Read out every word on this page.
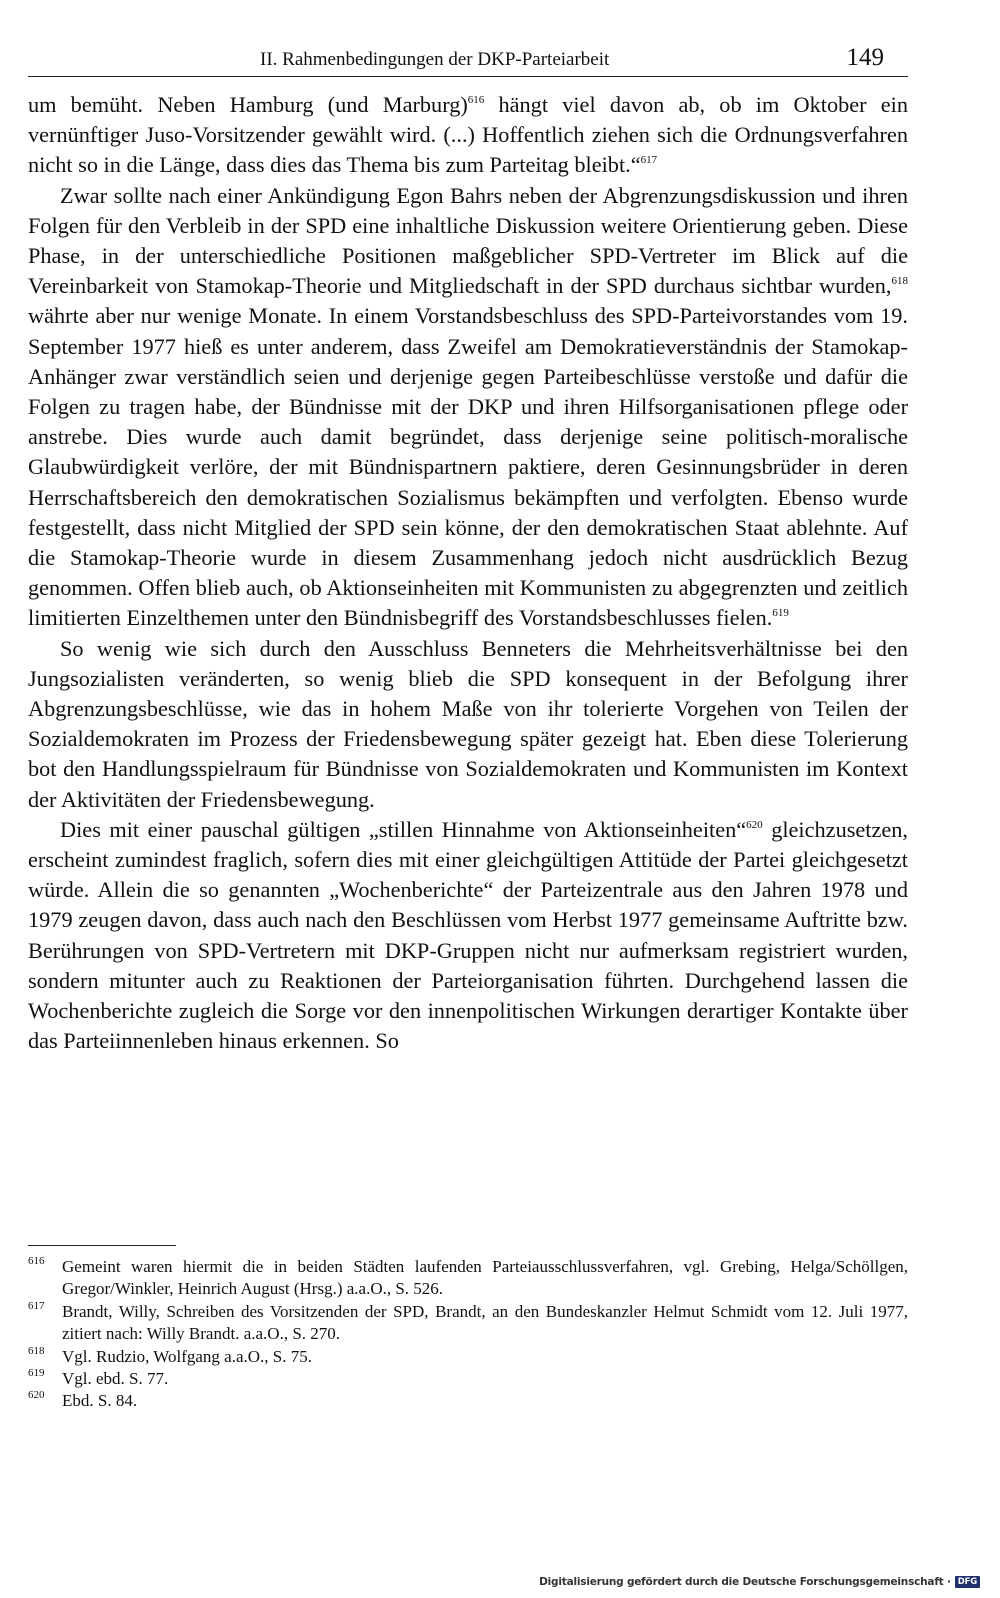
II. Rahmenbedingungen der DKP-Parteiarbeit	149

um bemüht. Neben Hamburg (und Marburg)$^{616}$ hängt viel davon ab, ob im Oktober ein vernünftiger Juso-Vorsitzender gewählt wird. (...) Hoffentlich ziehen sich die Ordnungsverfahren nicht so in die Länge, dass dies das Thema bis zum Parteitag bleibt.“$^{617}$

Zwar sollte nach einer Ankündigung Egon Bahrs neben der Abgrenzungsdiskussion und ihren Folgen für den Verbleib in der SPD eine inhaltliche Diskussion weitere Orientierung geben. Diese Phase, in der unterschiedliche Positionen maßgeblicher SPD-Vertreter im Blick auf die Vereinbarkeit von Stamokap-Theorie und Mitgliedschaft in der SPD durchaus sichtbar wurden,$^{618}$ währte aber nur wenige Monate. In einem Vorstandsbeschluss des SPD-Parteivorstandes vom 19. September 1977 hieß es unter anderem, dass Zweifel am Demokratieverständnis der Stamokap-Anhänger zwar verständlich seien und derjenige gegen Parteibeschlüsse verstoße und dafür die Folgen zu tragen habe, der Bündnisse mit der DKP und ihren Hilfsorganisationen pflege oder anstrebe. Dies wurde auch damit begründet, dass derjenige seine politisch-moralische Glaubwürdigkeit verlöre, der mit Bündnispartnern paktiere, deren Gesinnungsbrüder in deren Herrschaftsbereich den demokratischen Sozialismus bekämpften und verfolgten. Ebenso wurde festgestellt, dass nicht Mitglied der SPD sein könne, der den demokratischen Staat ablehnte. Auf die Stamokap-Theorie wurde in diesem Zusammenhang jedoch nicht ausdrücklich Bezug genommen. Offen blieb auch, ob Aktionseinheiten mit Kommunisten zu abgegrenzten und zeitlich limitierten Einzelthemen unter den Bündnisbegriff des Vorstandsbeschlusses fielen.$^{619}$

So wenig wie sich durch den Ausschluss Benneters die Mehrheitsverhältnisse bei den Jungsozialisten veränderten, so wenig blieb die SPD konsequent in der Befolgung ihrer Abgrenzungsbeschlüsse, wie das in hohem Maße von ihr tolerierte Vorgehen von Teilen der Sozialdemokraten im Prozess der Friedensbewegung später gezeigt hat. Eben diese Tolerierung bot den Handlungsspielraum für Bündnisse von Sozialdemokraten und Kommunisten im Kontext der Aktivitäten der Friedensbewegung.

Dies mit einer pauschal gültigen „stillen Hinnahme von Aktionseinheiten“$^{620}$ gleichzusetzen, erscheint zumindest fraglich, sofern dies mit einer gleichgültigen Attitüde der Partei gleichgesetzt würde. Allein die so genannten „Wochenberichte“ der Parteizentrale aus den Jahren 1978 und 1979 zeugen davon, dass auch nach den Beschlüssen vom Herbst 1977 gemeinsame Auftritte bzw. Berührungen von SPD-Vertretern mit DKP-Gruppen nicht nur aufmerksam registriert wurden, sondern mitunter auch zu Reaktionen der Parteiorganisation führten. Durchgehend lassen die Wochenberichte zugleich die Sorge vor den innenpolitischen Wirkungen derartiger Kontakte über das Parteiinnenleben hinaus erkennen. So

616 Gemeint waren hiermit die in beiden Städten laufenden Parteiausschlussverfahren, vgl. Grebing, Helga/Schöllgen, Gregor/Winkler, Heinrich August (Hrsg.) a.a.O., S. 526.
617 Brandt, Willy, Schreiben des Vorsitzenden der SPD, Brandt, an den Bundeskanzler Helmut Schmidt vom 12. Juli 1977, zitiert nach: Willy Brandt. a.a.O., S. 270.
618 Vgl. Rudzio, Wolfgang a.a.O., S. 75.
619 Vgl. ebd. S. 77.
620 Ebd. S. 84.
Digitalisierung gefördert durch die Deutsche Forschungsgemeinschaft · DFG
